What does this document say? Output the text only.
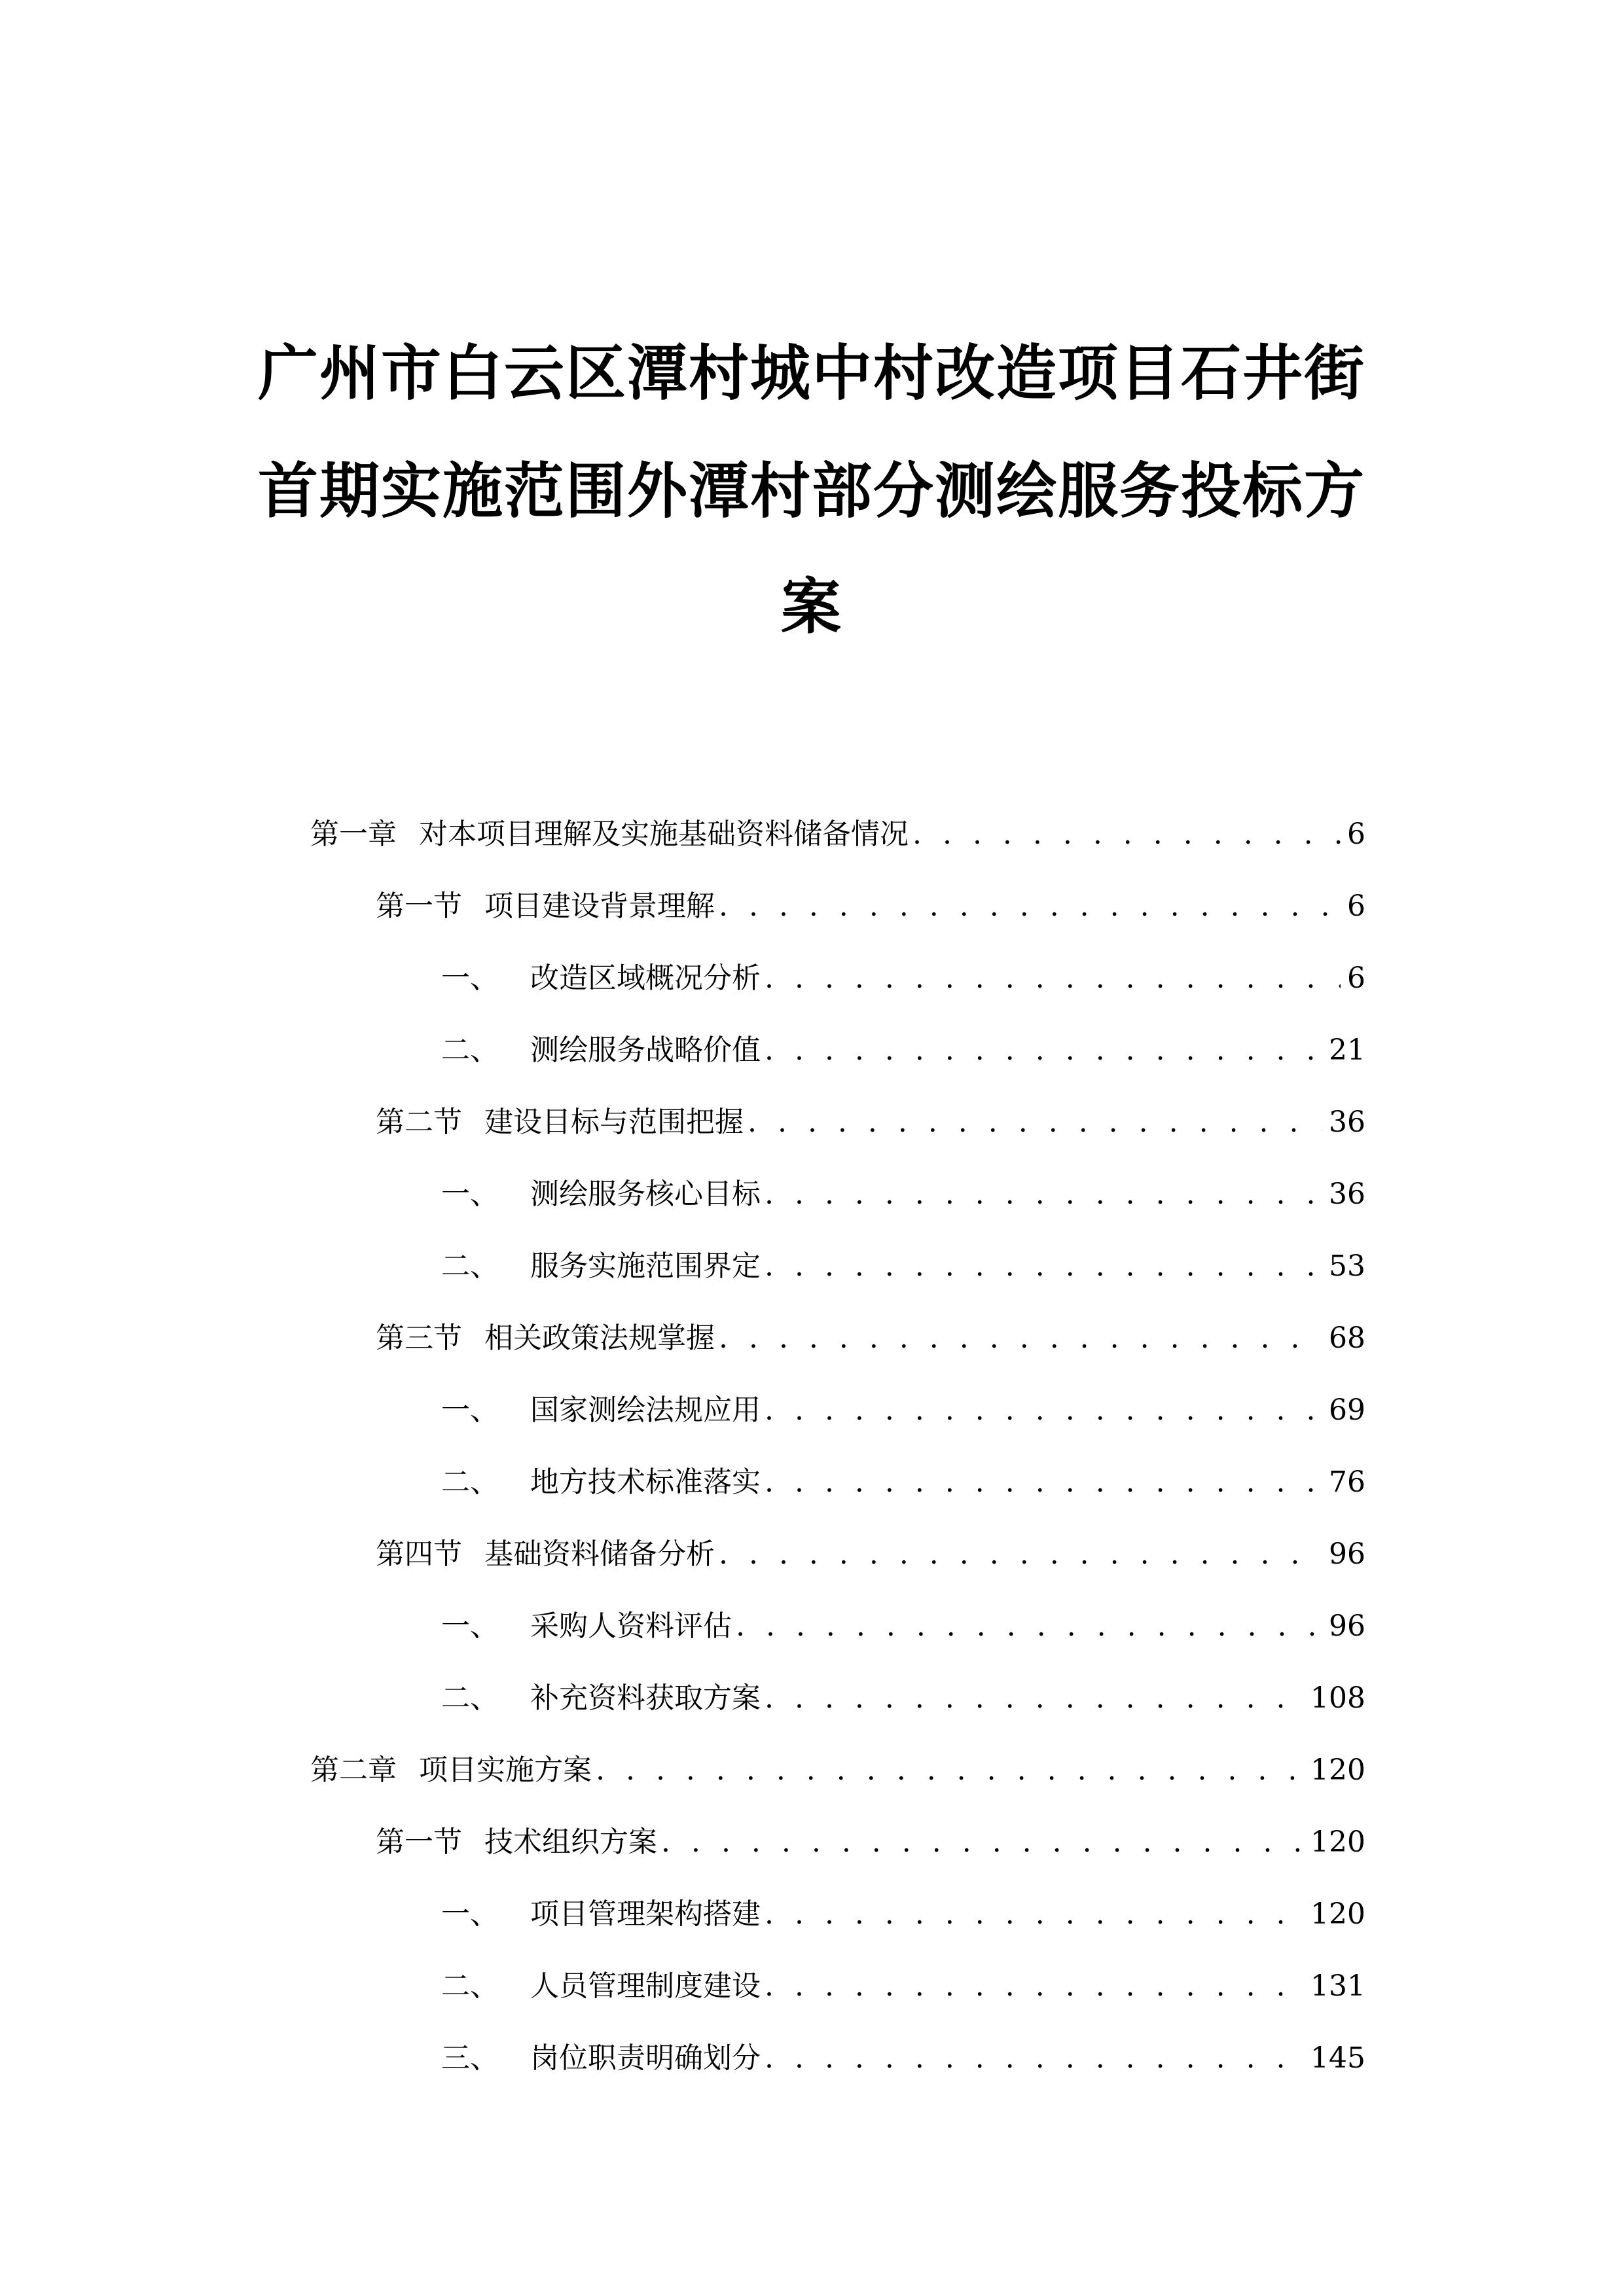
广州市白云区潭村城中村改造项目石井街
首期实施范围外潭村部分测绘服务投标方
案
第一章 对本项目理解及实施基础资料储备情况 . . .	6
第一节 项目建设背景理解 . . .	6
一、 改造区域概况分析 . . .	6
二、 测绘服务战略价值 . . .	21
第二节 建设目标与范围把握 . . .	36
一、 测绘服务核心目标 . . .	36
二、 服务实施范围界定 . . .	53
第三节 相关政策法规掌握 . . .	68
一、 国家测绘法规应用 . . .	69
二、 地方技术标准落实 . . .	76
第四节 基础资料储备分析 . . .	96
一、 采购人资料评估 . . .	96
二、 补充资料获取方案 . . .	108
第二章 项目实施方案 . . .	120
第一节 技术组织方案 . . .	120
一、 项目管理架构搭建 . . .	120
二、 人员管理制度建设 . . .	131
三、 岗位职责明确划分 . . .	145
